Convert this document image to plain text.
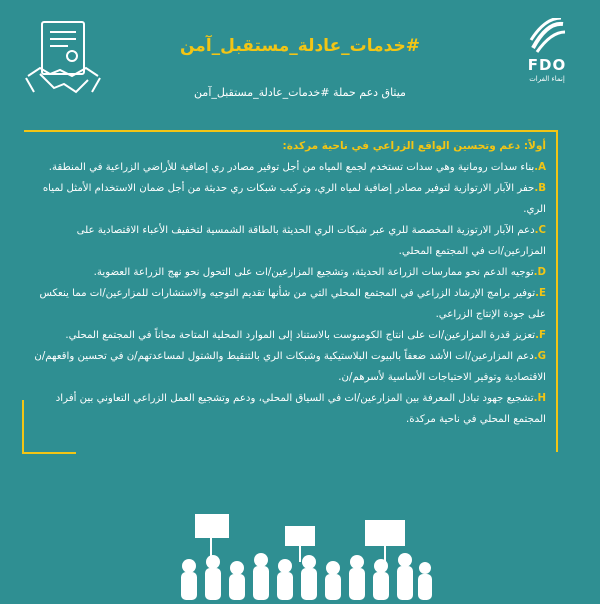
FDO
إنماء الفرات
#خدمات_عادلة_مستقبل_آمن
ميثاق دعم حملة #خدمات_عادلة_مستقبل_آمن
أولاً: دعم وتحسين الواقع الزراعي في ناحية مركدة:

A.بناء سدات رومانية وهي سدات تستخدم لجمع المياه من أجل توفير مصادر ري إضافية للأراضي الزراعية في المنطقة.

B.حفر الآبار الارتوازية لتوفير مصادر إضافية لمياه الري، وتركيب شبكات ري حديثة من أجل ضمان الاستخدام الأمثل لمياه الري.

C.دعم الآبار الارتوزية المخصصة للري عبر شبكات الري الحديثة بالطاقة الشمسية لتخفيف الأعباء الاقتصادية على المزارعين/ات في المجتمع المحلي.

D.توجيه الدعم نحو ممارسات الزراعة الحديثة، وتشجيع المزارعين/ات على التحول نحو نهج الزراعة العضوية.

E.توفير برامج الإرشاد الزراعي في المجتمع المحلي التي من شأنها تقديم التوجيه والاستشارات للمزارعين/ات مما ينعكس على جودة الإنتاج الزراعي.

F.تعزيز قدرة المزارعين/ات على انتاج الكومبوست بالاستناد إلى الموارد المحلية المتاحة مجاناً في المجتمع المحلي.

G.دعم المزارعين/ات الأشد ضعفاً بالبيوت البلاستيكية وشبكات الري بالتنقيط والشتول لمساعدتهم/ن في تحسين واقعهم/ن الاقتصادية وتوفير الاحتياجات الأساسية لأسرهم/ن.

H.تشجيع جهود تبادل المعرفة بين المزارعين/ات في السياق المحلي، ودعم وتشجيع العمل الزراعي التعاوني بين أفراد المجتمع المحلي في ناحية مركدة.
